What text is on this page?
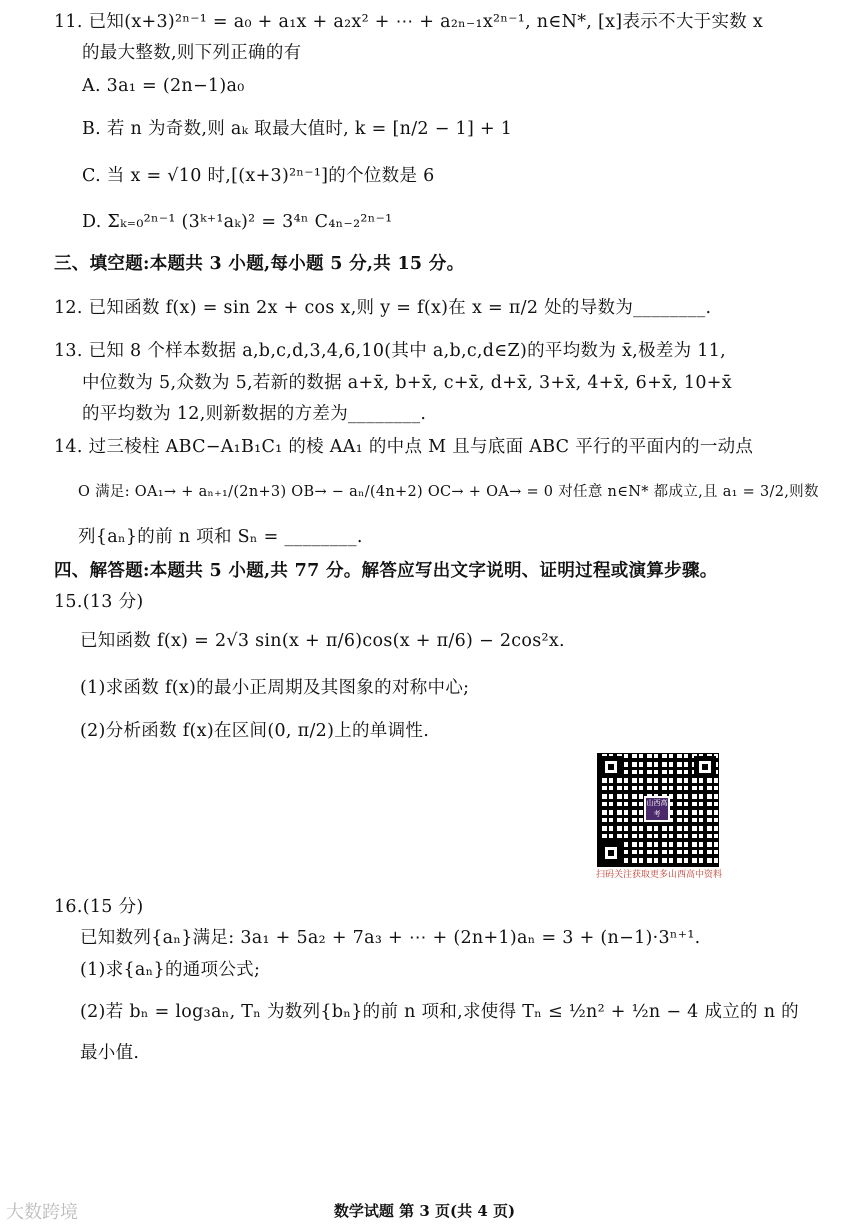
11. 已知(x+3)²ⁿ⁻¹ = a₀ + a₁x + a₂x² + ⋯ + a₂ₙ₋₁x²ⁿ⁻¹, n∈N*, [x]表示不大于实数 x
的最大整数,则下列正确的有
A. 3a₁ = (2n−1)a₀
B. 若 n 为奇数,则 aₖ 取最大值时, k = [n/2 − 1] + 1
C. 当 x = √10 时,[(x+3)²ⁿ⁻¹]的个位数是 6
D. Σₖ₌₀²ⁿ⁻¹ (3ᵏ⁺¹aₖ)² = 3⁴ⁿ C₄ₙ₋₂²ⁿ⁻¹
三、填空题:本题共 3 小题,每小题 5 分,共 15 分。
12. 已知函数 f(x) = sin 2x + cos x,则 y = f(x)在 x = π/2 处的导数为________.
13. 已知 8 个样本数据 a,b,c,d,3,4,6,10(其中 a,b,c,d∈Z)的平均数为 x̄,极差为 11,
中位数为 5,众数为 5,若新的数据 a+x̄, b+x̄, c+x̄, d+x̄, 3+x̄, 4+x̄, 6+x̄, 10+x̄
的平均数为 12,则新数据的方差为________.
14. 过三棱柱 ABC−A₁B₁C₁ 的棱 AA₁ 的中点 M 且与底面 ABC 平行的平面内的一动点
O 满足: OA₁→ + aₙ₊₁/(2n+3) OB→ − aₙ/(4n+2) OC→ + OA→ = 0 对任意 n∈N* 都成立,且 a₁ = 3/2,则数
列{aₙ}的前 n 项和 Sₙ = ________.
四、解答题:本题共 5 小题,共 77 分。解答应写出文字说明、证明过程或演算步骤。
15.(13 分)
已知函数 f(x) = 2√3 sin(x + π/6)cos(x + π/6) − 2cos²x.
(1)求函数 f(x)的最小正周期及其图象的对称中心;
(2)分析函数 f(x)在区间(0, π/2)上的单调性.
16.(15 分)
已知数列{aₙ}满足: 3a₁ + 5a₂ + 7a₃ + ⋯ + (2n+1)aₙ = 3 + (n−1)·3ⁿ⁺¹.
(1)求{aₙ}的通项公式;
(2)若 bₙ = log₃aₙ, Tₙ 为数列{bₙ}的前 n 项和,求使得 Tₙ ≤ ½n² + ½n − 4 成立的 n 的
最小值.
山西高考
扫码关注获取更多山西高中资料
大数跨境	数学试题 第 3 页(共 4 页)
